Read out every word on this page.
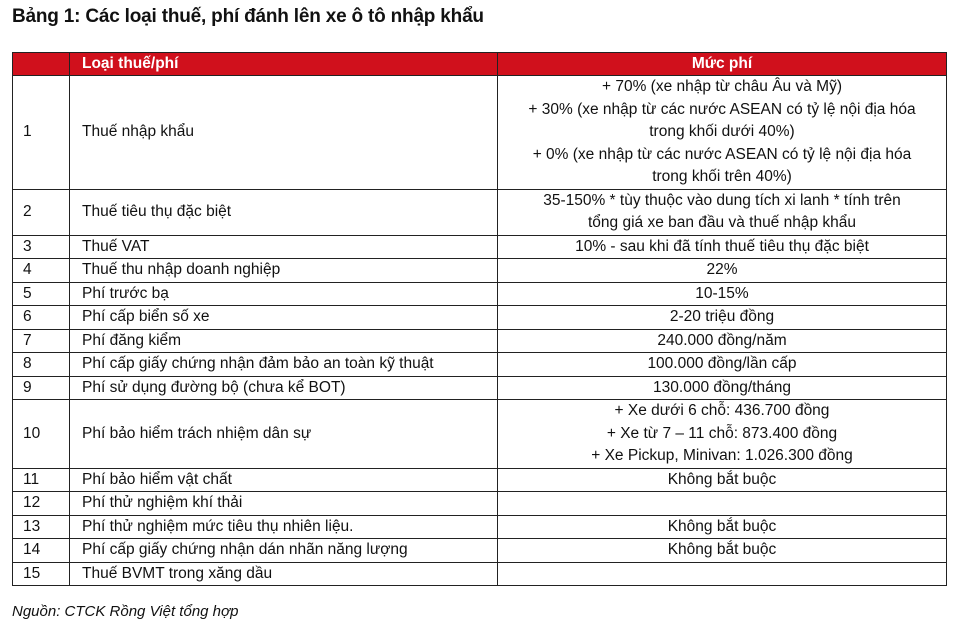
Bảng 1: Các loại thuế, phí đánh lên xe ô tô nhập khẩu
	Loại thuế/phí	Mức phí
1	Thuế nhập khẩu	+ 70% (xe nhập từ châu Âu và Mỹ)
+ 30% (xe nhập từ các nước ASEAN có tỷ lệ nội địa hóa
trong khối dưới 40%)
+ 0% (xe nhập từ các nước ASEAN có tỷ lệ nội địa hóa
trong khối trên 40%)

2	Thuế tiêu thụ đặc biệt	35-150% * tùy thuộc vào dung tích xi lanh * tính trên
tổng giá xe ban đầu và thuế nhập khẩu

3	Thuế VAT	10% - sau khi đã tính thuế tiêu thụ đặc biệt

4	Thuế thu nhập doanh nghiệp	22%

5	Phí trước bạ	10-15%

6	Phí cấp biển số xe	2-20 triệu đồng

7	Phí đăng kiểm	240.000 đồng/năm

8	Phí cấp giấy chứng nhận đảm bảo an toàn kỹ thuật	100.000 đồng/lần cấp

9	Phí sử dụng đường bộ (chưa kể BOT)	130.000 đồng/tháng

10	Phí bảo hiểm trách nhiệm dân sự	+ Xe dưới 6 chỗ: 436.700 đồng
+ Xe từ 7 – 11 chỗ: 873.400 đồng
+ Xe Pickup, Minivan: 1.026.300 đồng

11	Phí bảo hiểm vật chất	Không bắt buộc

12	Phí thử nghiệm khí thải	
13	Phí thử nghiệm mức tiêu thụ nhiên liệu.	Không bắt buộc

14	Phí cấp giấy chứng nhận dán nhãn năng lượng	Không bắt buộc

15	Thuế BVMT trong xăng dầu	
Nguồn: CTCK Rồng Việt tổng hợp
